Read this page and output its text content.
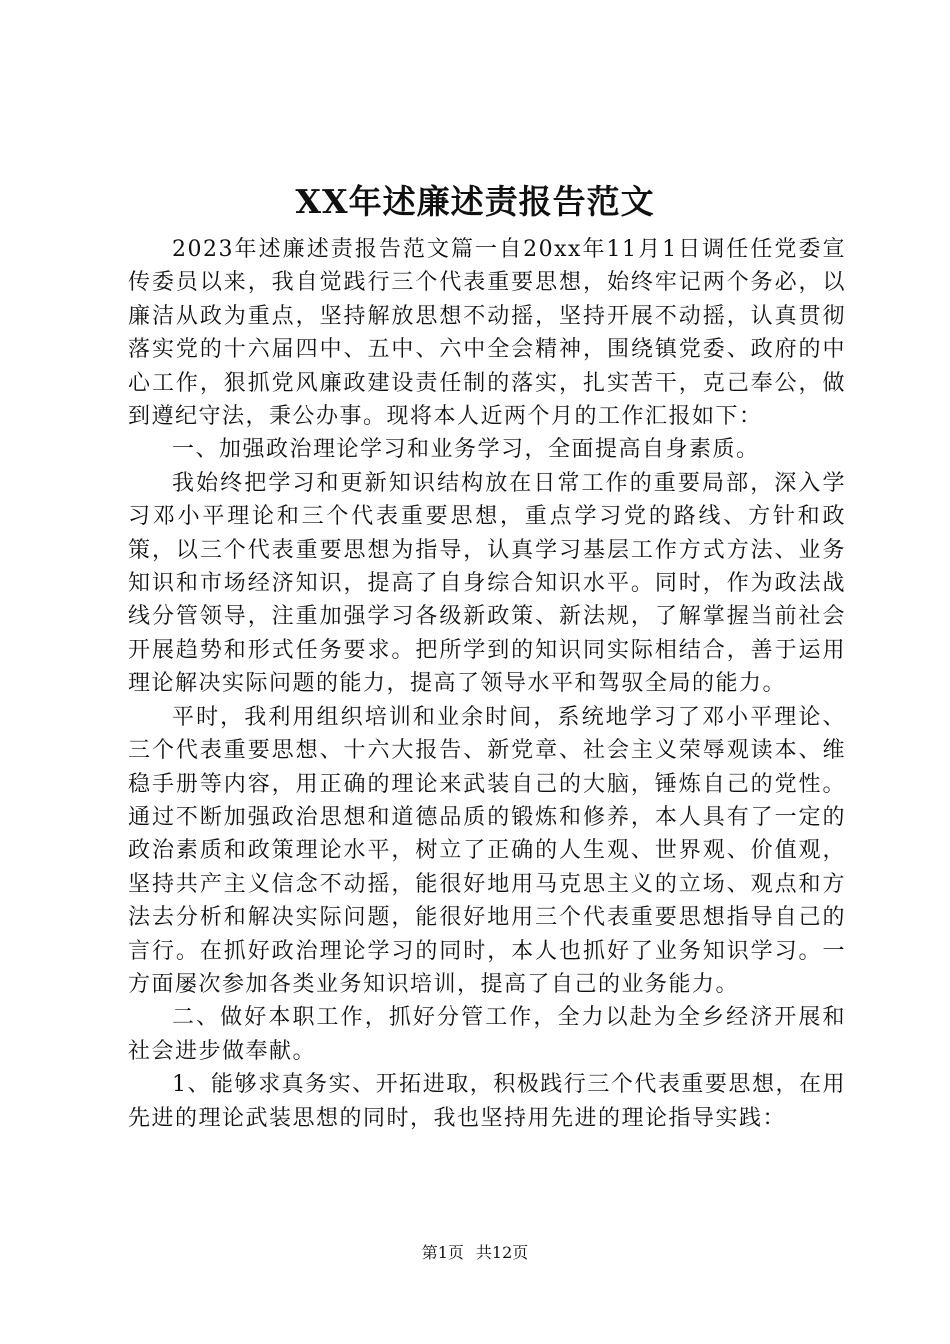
XX年述廉述责报告范文

2023年述廉述责报告范文篇一自20xx年11月1日调任任党委宣传委员以来，我自觉践行三个代表重要思想，始终牢记两个务必，以廉洁从政为重点，坚持解放思想不动摇，坚持开展不动摇，认真贯彻落实党的十六届四中、五中、六中全会精神，围绕镇党委、政府的中心工作，狠抓党风廉政建设责任制的落实，扎实苦干，克己奉公，做到遵纪守法，秉公办事。现将本人近两个月的工作汇报如下：

一、加强政治理论学习和业务学习，全面提高自身素质。

我始终把学习和更新知识结构放在日常工作的重要局部，深入学习邓小平理论和三个代表重要思想，重点学习党的路线、方针和政策，以三个代表重要思想为指导，认真学习基层工作方式方法、业务知识和市场经济知识，提高了自身综合知识水平。同时，作为政法战线分管领导，注重加强学习各级新政策、新法规，了解掌握当前社会开展趋势和形式任务要求。把所学到的知识同实际相结合，善于运用理论解决实际问题的能力，提高了领导水平和驾驭全局的能力。

平时，我利用组织培训和业余时间，系统地学习了邓小平理论、三个代表重要思想、十六大报告、新党章、社会主义荣辱观读本、维稳手册等内容，用正确的理论来武装自己的大脑，锤炼自己的党性。通过不断加强政治思想和道德品质的锻炼和修养，本人具有了一定的政治素质和政策理论水平，树立了正确的人生观、世界观、价值观，坚持共产主义信念不动摇，能很好地用马克思主义的立场、观点和方法去分析和解决实际问题，能很好地用三个代表重要思想指导自己的言行。在抓好政治理论学习的同时，本人也抓好了业务知识学习。一方面屡次参加各类业务知识培训，提高了自己的业务能力。

二、做好本职工作，抓好分管工作，全力以赴为全乡经济开展和社会进步做奉献。

1、能够求真务实、开拓进取，积极践行三个代表重要思想，在用先进的理论武装思想的同时，我也坚持用先进的理论指导实践：

第1页 共12页
